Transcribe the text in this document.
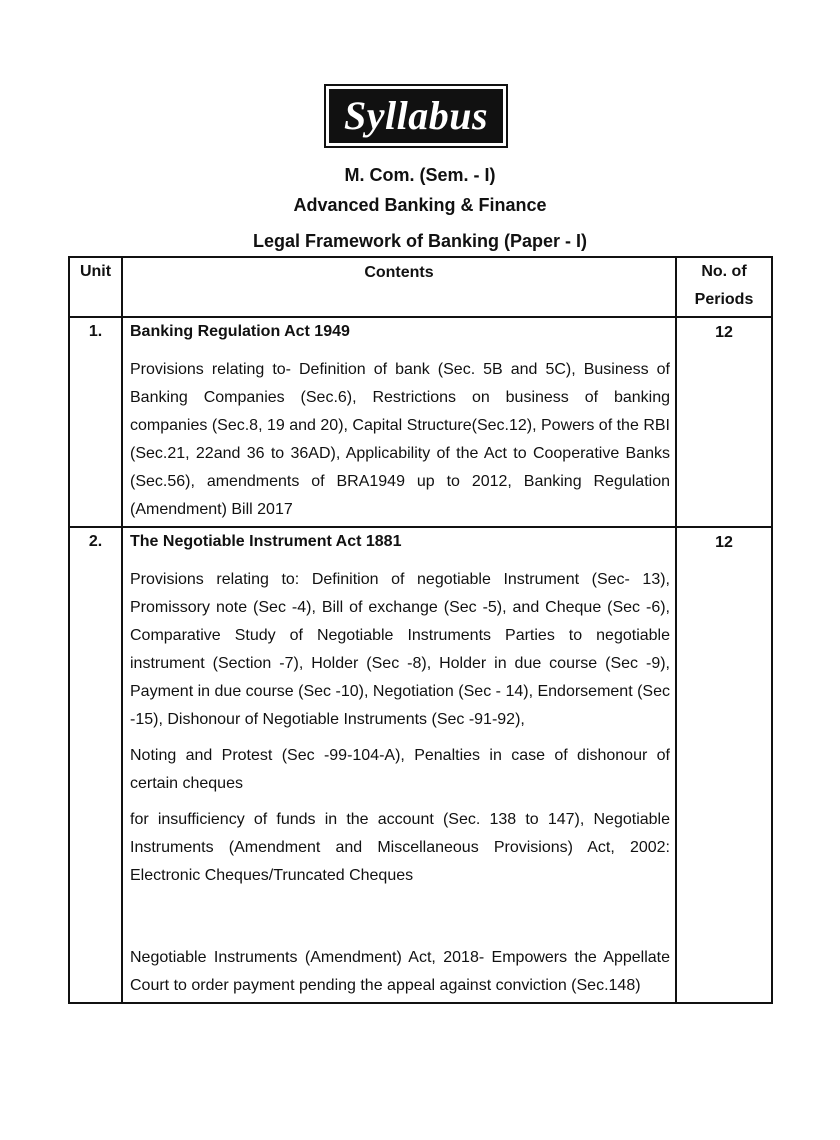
Syllabus
M. Com. (Sem. - I)
Advanced Banking & Finance
Legal Framework of Banking (Paper - I)
Unit	Contents	No. of
Periods

1.	Banking Regulation Act 1949

Provisions relating to- Definition of bank (Sec. 5B and 5C), Business of Banking Companies (Sec.6), Restrictions on business of banking companies (Sec.8, 19 and 20), Capital Structure(Sec.12), Powers of the RBI (Sec.21, 22and 36 to 36AD), Applicability of the Act to Cooperative Banks (Sec.56), amendments of BRA1949 up to 2012, Banking Regulation (Amendment) Bill 2017	12
2.	The Negotiable Instrument Act 1881

Provisions relating to: Definition of negotiable Instrument (Sec- 13), Promissory note (Sec -4), Bill of exchange (Sec -5), and Cheque (Sec -6), Comparative Study of Negotiable Instruments Parties to negotiable instrument (Section -7), Holder (Sec -8), Holder in due course (Sec -9), Payment in due course (Sec -10), Negotiation (Sec - 14), Endorsement (Sec -15), Dishonour of Negotiable Instruments (Sec -91-92),

Noting and Protest (Sec -99-104-A), Penalties in case of dishonour of certain cheques

for insufficiency of funds in the account (Sec. 138 to 147), Negotiable Instruments (Amendment and Miscellaneous Provisions) Act, 2002: Electronic Cheques/Truncated Cheques

Negotiable Instruments (Amendment) Act, 2018- Empowers the Appellate Court to order payment pending the appeal against conviction (Sec.148)	12
